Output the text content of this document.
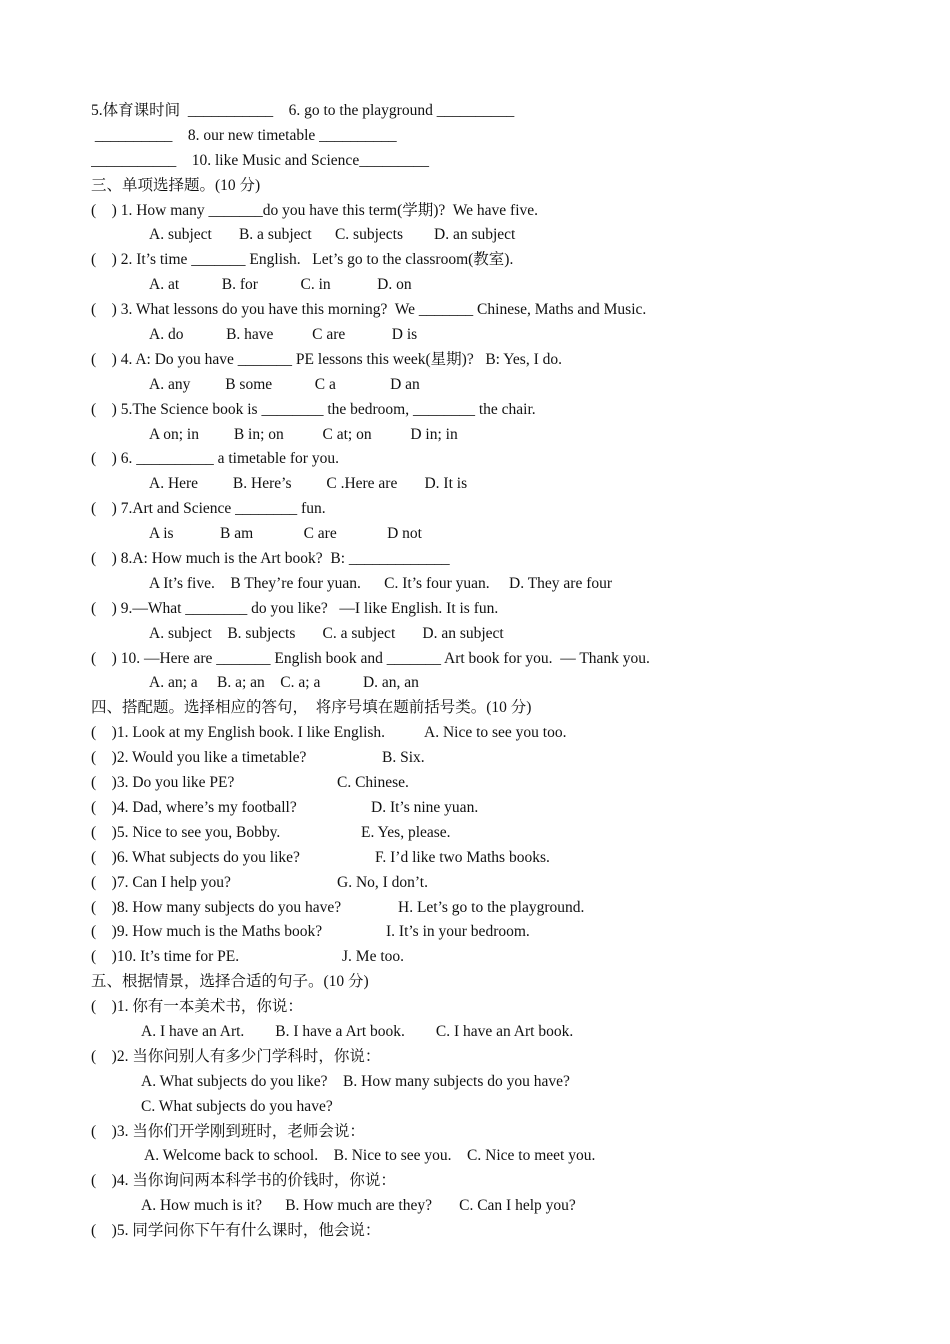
5.体育课时间  ___________    6. go to the playground __________
__________    8. our new timetable __________
___________    10. like Music and Science_________
三、单项选择题。(10 分)
(    ) 1. How many _______do you have this term(学期)?  We have five.
A. subject       B. a subject      C. subjects        D. an subject
(    ) 2. It’s time _______ English.   Let’s go to the classroom(教室).
A. at           B. for           C. in            D. on
(    ) 3. What lessons do you have this morning?  We _______ Chinese, Maths and Music.
A. do           B. have          C are            D is
(    ) 4. A: Do you have _______ PE lessons this week(星期)?   B: Yes, I do.
A. any         B some           C a              D an
(    ) 5.The Science book is ________ the bedroom, ________ the chair.
A on; in         B in; on          C at; on          D in; in
(    ) 6. __________ a timetable for you.
A. Here         B. Here’s         C .Here are       D. It is
(    ) 7.Art and Science ________ fun.
A is            B am             C are             D not
(    ) 8.A: How much is the Art book?  B: _____________
A It’s five.    B They’re four yuan.      C. It’s four yuan.     D. They are four
(    ) 9.—What ________ do you like?   —I like English. It is fun.
A. subject    B. subjects       C. a subject       D. an subject
(    ) 10. —Here are _______ English book and _______ Art book for you.  — Thank you.
A. an; a     B. a; an    C. a; a           D. an, an
四、搭配题。选择相应的答句，  将序号填在题前括号类。(10 分)
(    )1. Look at my English book. I like English.	A. Nice to see you too.
(    )2. Would you like a timetable?	B. Six.
(    )3. Do you like PE?	C. Chinese.
(    )4. Dad, where’s my football?	D. It’s nine yuan.
(    )5. Nice to see you, Bobby.	E. Yes, please.
(    )6. What subjects do you like?	F. I’d like two Maths books.
(    )7. Can I help you?	G. No, I don’t.
(    )8. How many subjects do you have?	H. Let’s go to the playground.
(    )9. How much is the Maths book?	I. It’s in your bedroom.
(    )10. It’s time for PE.	J. Me too.
五、根据情景，选择合适的句子。(10 分)
(    )1. 你有一本美术书，你说：
A. I have an Art.        B. I have a Art book.        C. I have an Art book.
(    )2. 当你问别人有多少门学科时，你说：
A. What subjects do you like?    B. How many subjects do you have?
C. What subjects do you have?
(    )3. 当你们开学刚到班时，老师会说：
A. Welcome back to school.    B. Nice to see you.    C. Nice to meet you.
(    )4. 当你询问两本科学书的价钱时，你说：
A. How much is it?      B. How much are they?       C. Can I help you?
(    )5. 同学问你下午有什么课时，他会说：
